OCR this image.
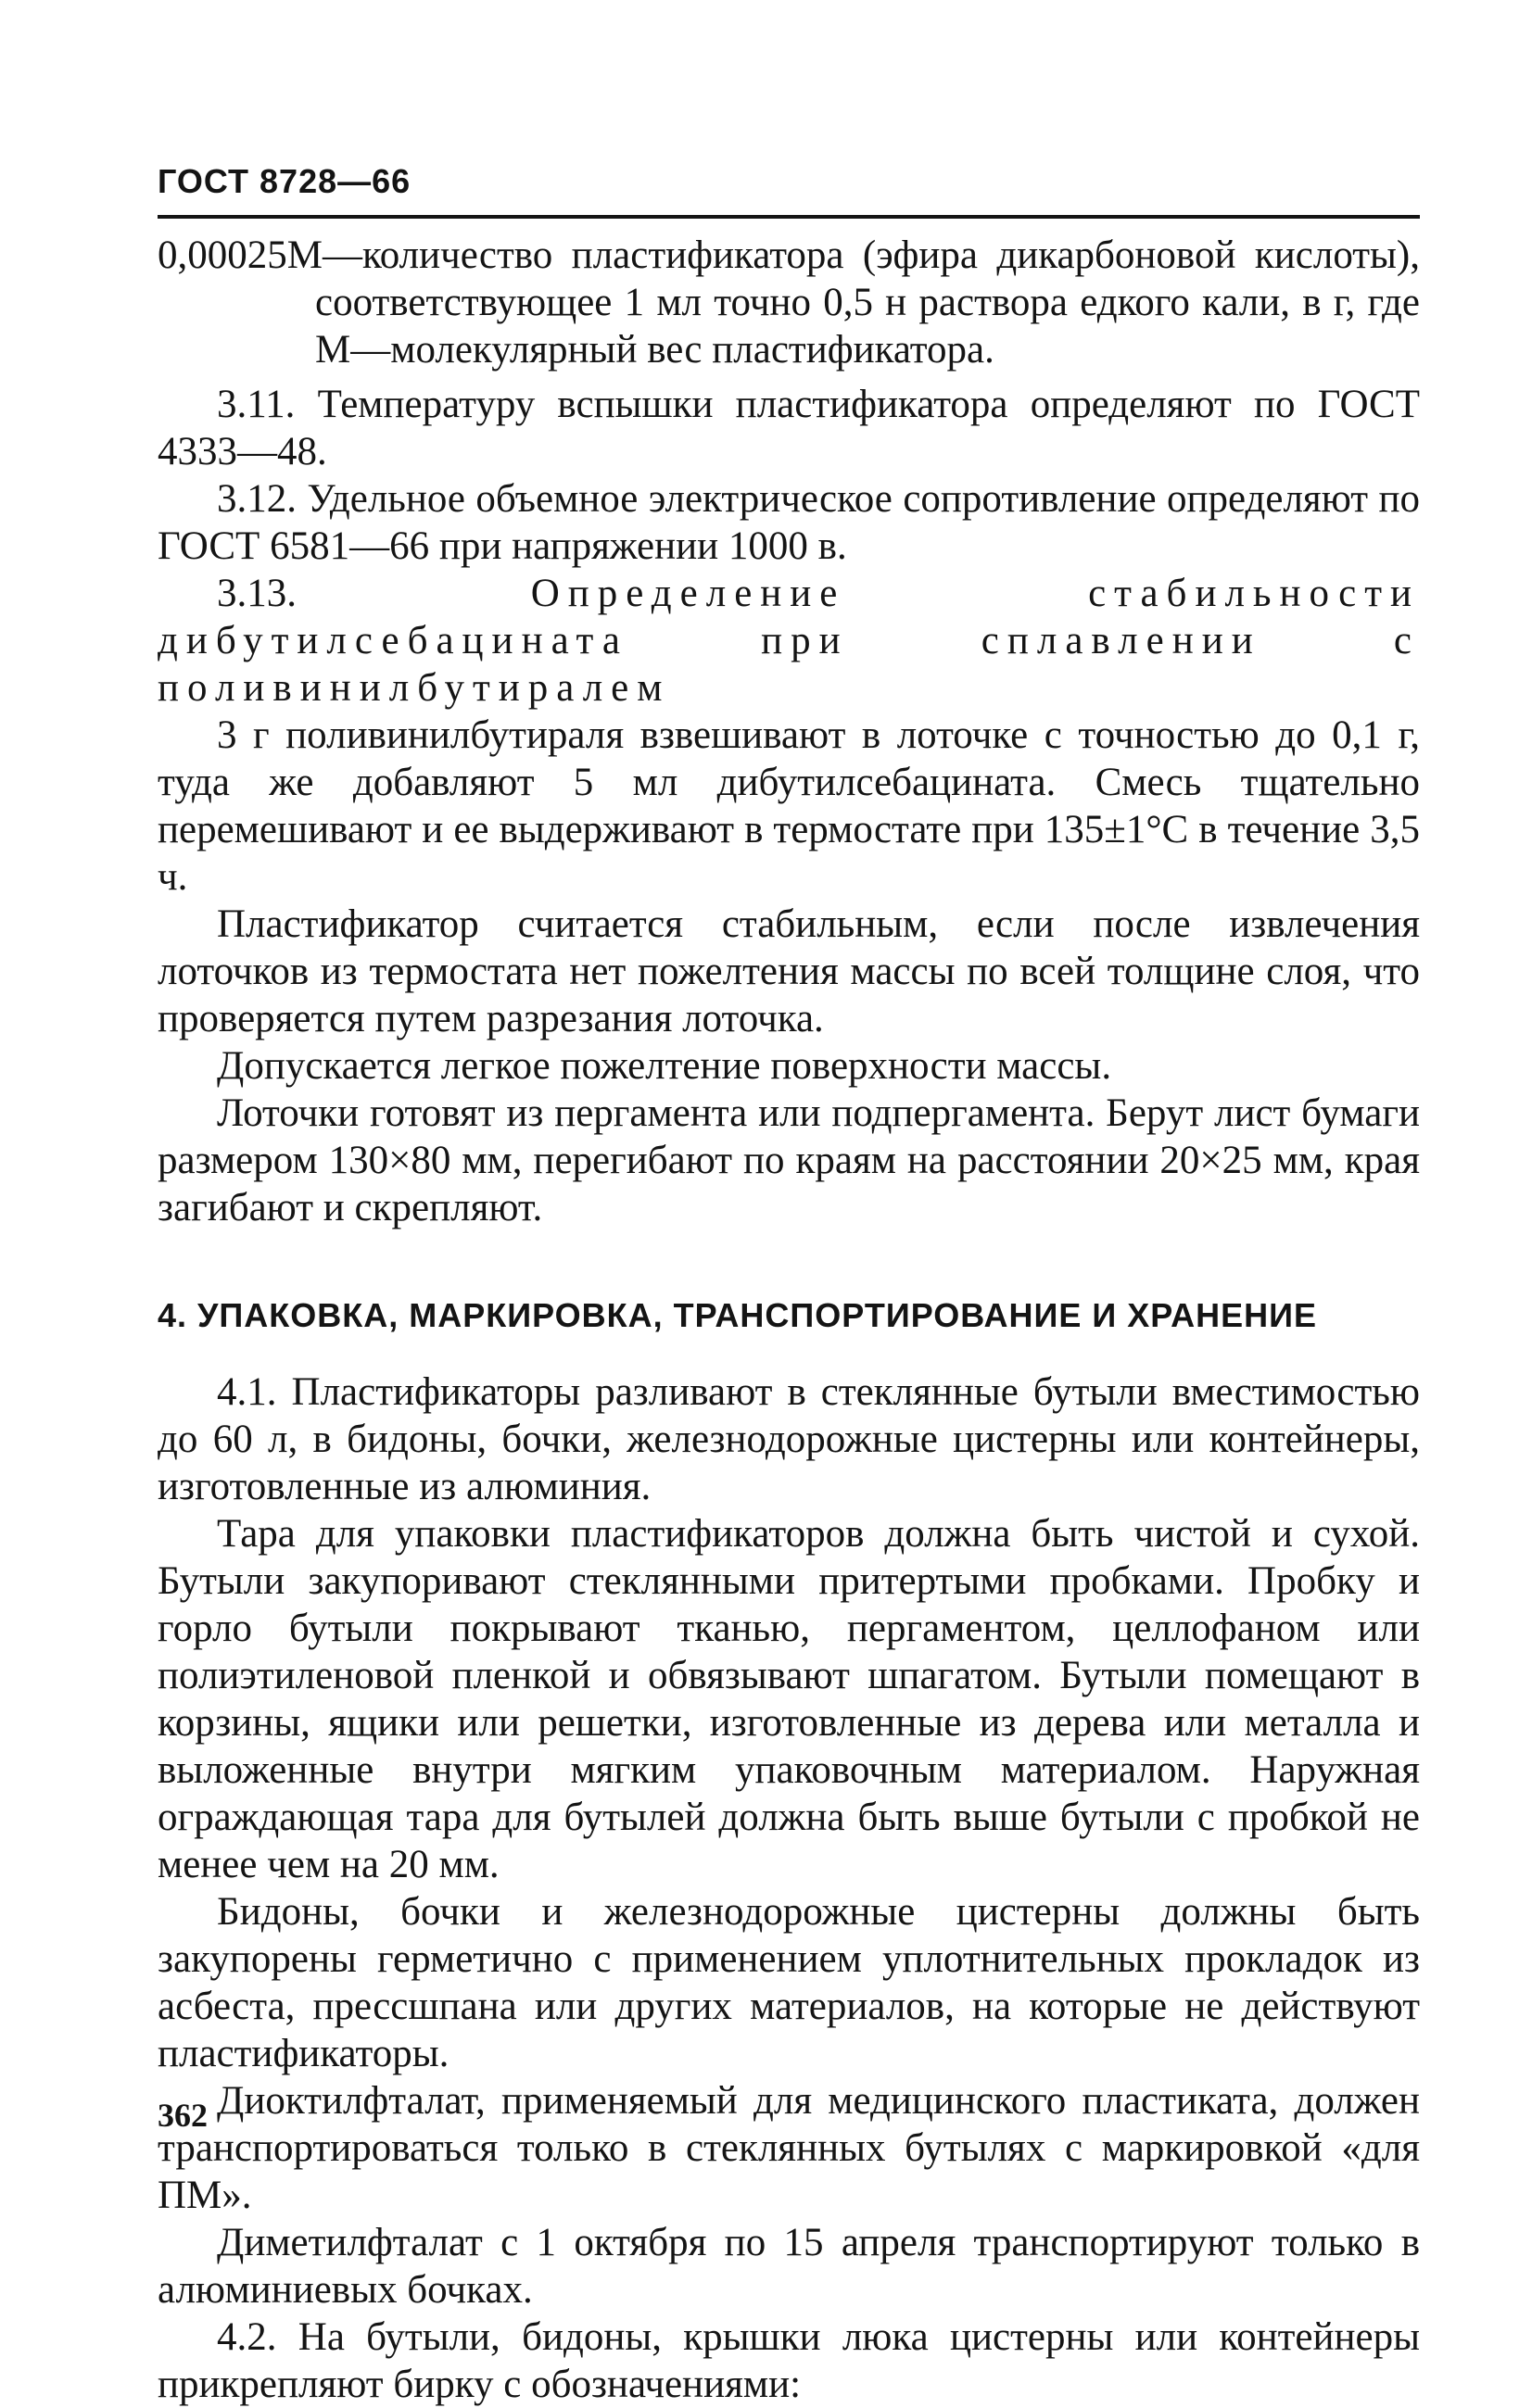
ГОСТ 8728—66

0,00025М—количество пластификатора (эфира дикарбоновой кислоты), соответствующее 1 мл точно 0,5 н раствора едкого кали, в г, где М—молекулярный вес пластификатора.

3.11. Температуру вспышки пластификатора определяют по ГОСТ 4333—48.

3.12. Удельное объемное электрическое сопротивление определяют по ГОСТ 6581—66 при напряжении 1000 в.

3.13.	Определение стабильности дибутилсебацината при сплавлении с поливинилбутиралем

3 г поливинилбутираля взвешивают в лоточке с точностью до 0,1 г, туда же добавляют 5 мл дибутилсебацината. Смесь тщательно перемешивают и ее выдерживают в термостате при 135±1°С в течение 3,5 ч.

Пластификатор считается стабильным, если после извлечения лоточков из термостата нет пожелтения массы по всей толщине слоя, что проверяется путем разрезания лоточка.

Допускается легкое пожелтение поверхности массы.

Лоточки готовят из пергамента или подпергамента. Берут лист бумаги размером 130×80 мм, перегибают по краям на расстоянии 20×25 мм, края загибают и скрепляют.

4. УПАКОВКА, МАРКИРОВКА, ТРАНСПОРТИРОВАНИЕ И ХРАНЕНИЕ

4.1. Пластификаторы разливают в стеклянные бутыли вместимостью до 60 л, в бидоны, бочки, железнодорожные цистерны или контейнеры, изготовленные из алюминия.

Тара для упаковки пластификаторов должна быть чистой и сухой. Бутыли закупоривают стеклянными притертыми пробками. Пробку и горло бутыли покрывают тканью, пергаментом, целлофаном или полиэтиленовой пленкой и обвязывают шпагатом. Бутыли помещают в корзины, ящики или решетки, изготовленные из дерева или металла и выложенные внутри мягким упаковочным материалом. Наружная ограждающая тара для бутылей должна быть выше бутыли с пробкой не менее чем на 20 мм.

Бидоны, бочки и железнодорожные цистерны должны быть закупорены герметично с применением уплотнительных прокладок из асбеста, прессшпана или других материалов, на которые не действуют пластификаторы.

Диоктилфталат, применяемый для медицинского пластиката, должен транспортироваться только в стеклянных бутылях с маркировкой «для ПМ».

Диметилфталат с 1 октября по 15 апреля транспортируют только в алюминиевых бочках.

4.2. На бутыли, бидоны, крышки люка цистерны или контейнеры прикрепляют бирку с обозначениями:

362
